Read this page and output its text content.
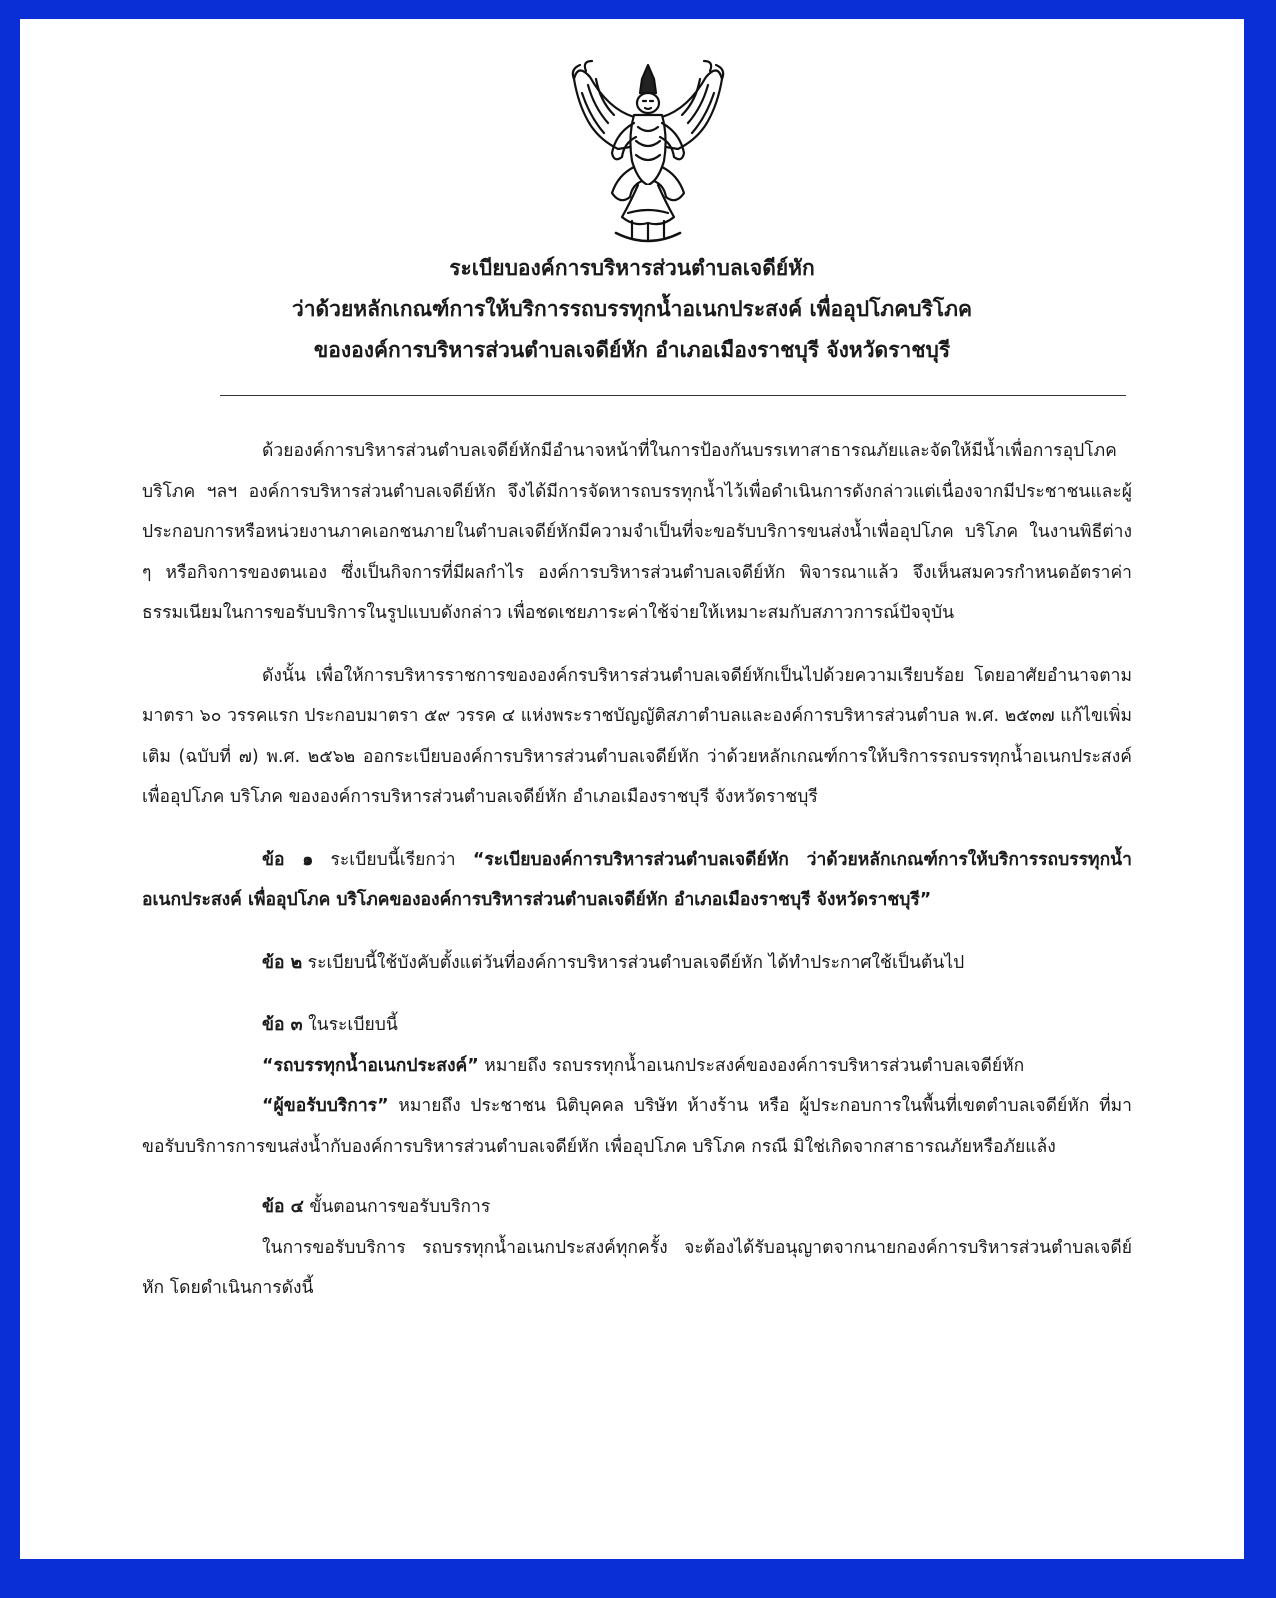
ระเบียบองค์การบริหารส่วนตำบลเจดีย์หัก

ว่าด้วยหลักเกณฑ์การให้บริการรถบรรทุกน้ำอเนกประสงค์ เพื่ออุปโภคบริโภค

ขององค์การบริหารส่วนตำบลเจดีย์หัก อำเภอเมืองราชบุรี จังหวัดราชบุรี

ด้วยองค์การบริหารส่วนตำบลเจดีย์หักมีอำนาจหน้าที่ในการป้องกันบรรเทาสาธารณภัยและจัดให้มีน้ำเพื่อการอุปโภคบริโภค ฯลฯ องค์การบริหารส่วนตำบลเจดีย์หัก จึงได้มีการจัดหารถบรรทุกน้ำไว้เพื่อดำเนินการดังกล่าวแต่เนื่องจากมีประชาชนและผู้ประกอบการหรือหน่วยงานภาคเอกชนภายในตำบลเจดีย์หักมีความจำเป็นที่จะขอรับบริการขนส่งน้ำเพื่ออุปโภค บริโภค ในงานพิธีต่าง ๆ หรือกิจการของตนเอง ซึ่งเป็นกิจการที่มีผลกำไร องค์การบริหารส่วนตำบลเจดีย์หัก พิจารณาแล้ว จึงเห็นสมควรกำหนดอัตราค่าธรรมเนียมในการขอรับบริการในรูปแบบดังกล่าว เพื่อชดเชยภาระค่าใช้จ่ายให้เหมาะสมกับสภาวการณ์ปัจจุบัน

ดังนั้น เพื่อให้การบริหารราชการขององค์กรบริหารส่วนตำบลเจดีย์หักเป็นไปด้วยความเรียบร้อย โดยอาศัยอำนาจตามมาตรา ๖๐ วรรคแรก ประกอบมาตรา ๕๙ วรรค ๔ แห่งพระราชบัญญัติสภาตำบลและองค์การบริหารส่วนตำบล พ.ศ. ๒๕๓๗ แก้ไขเพิ่มเติม (ฉบับที่ ๗) พ.ศ. ๒๕๖๒ ออกระเบียบองค์การบริหารส่วนตำบลเจดีย์หัก ว่าด้วยหลักเกณฑ์การให้บริการรถบรรทุกน้ำอเนกประสงค์ เพื่ออุปโภค บริโภค ขององค์การบริหารส่วนตำบลเจดีย์หัก อำเภอเมืองราชบุรี จังหวัดราชบุรี

ข้อ ๑ ระเบียบนี้เรียกว่า “ระเบียบองค์การบริหารส่วนตำบลเจดีย์หัก ว่าด้วยหลักเกณฑ์การให้บริการรถบรรทุกน้ำอเนกประสงค์ เพื่ออุปโภค บริโภคขององค์การบริหารส่วนตำบลเจดีย์หัก อำเภอเมืองราชบุรี จังหวัดราชบุรี”

ข้อ ๒ ระเบียบนี้ใช้บังคับตั้งแต่วันที่องค์การบริหารส่วนตำบลเจดีย์หัก ได้ทำประกาศใช้เป็นต้นไป

ข้อ ๓ ในระเบียบนี้

“รถบรรทุกน้ำอเนกประสงค์” หมายถึง รถบรรทุกน้ำอเนกประสงค์ขององค์การบริหารส่วนตำบลเจดีย์หัก

“ผู้ขอรับบริการ” หมายถึง ประชาชน นิติบุคคล บริษัท ห้างร้าน หรือ ผู้ประกอบการในพื้นที่เขตตำบลเจดีย์หัก ที่มาขอรับบริการการขนส่งน้ำกับองค์การบริหารส่วนตำบลเจดีย์หัก เพื่ออุปโภค บริโภค กรณี มิใช่เกิดจากสาธารณภัยหรือภัยแล้ง

ข้อ ๔ ขั้นตอนการขอรับบริการ

ในการขอรับบริการ รถบรรทุกน้ำอเนกประสงค์ทุกครั้ง จะต้องได้รับอนุญาตจากนายกองค์การบริหารส่วนตำบลเจดีย์หัก โดยดำเนินการดังนี้
